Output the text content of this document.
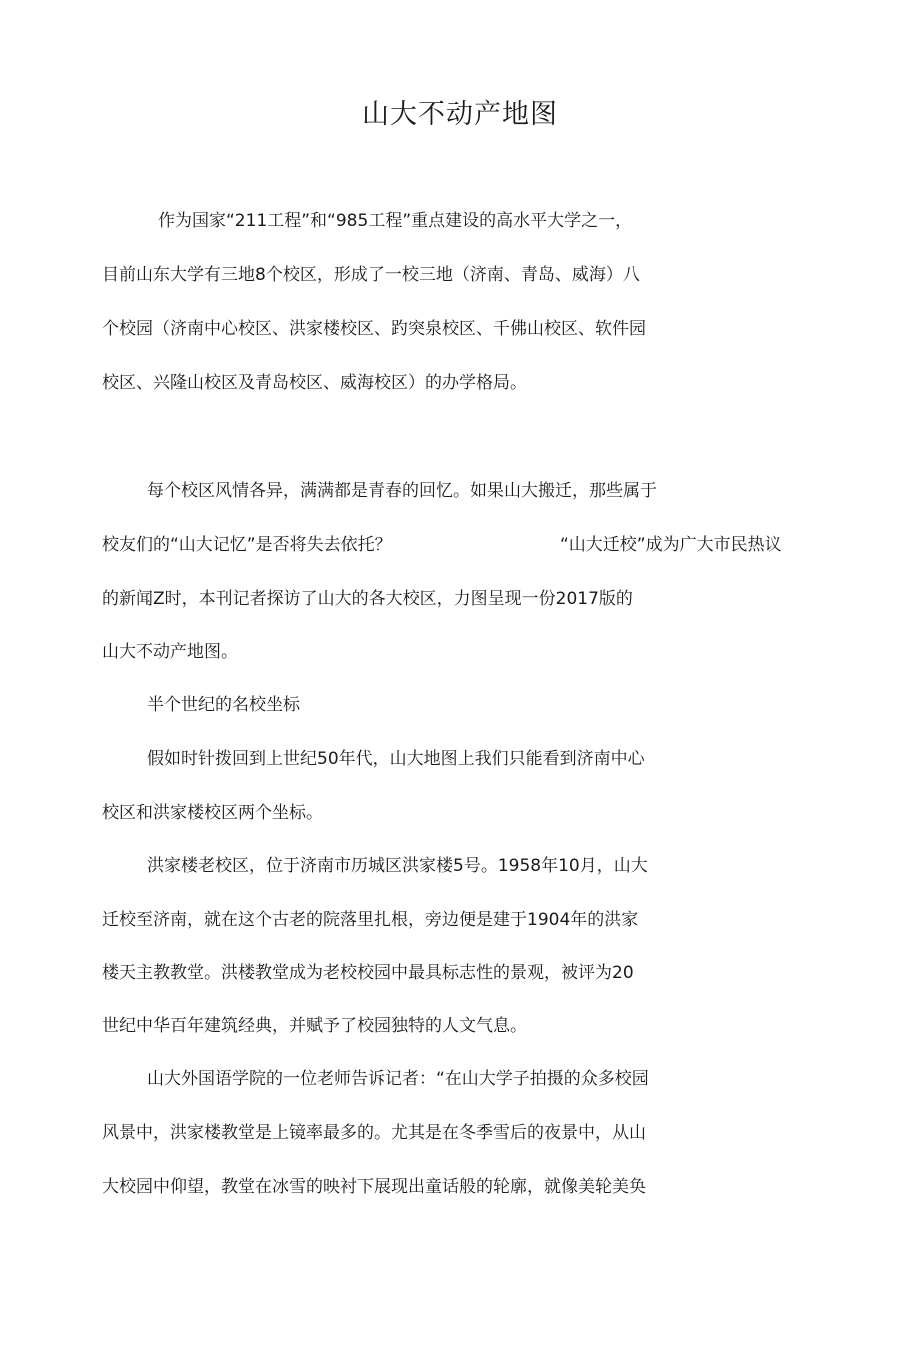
山大不动产地图

作为国家“211工程”和“985工程”重点建设的高水平大学之一，

目前山东大学有三地8个校区，形成了一校三地（济南、青岛、威海）八

个校园（济南中心校区、洪家楼校区、趵突泉校区、千佛山校区、软件园

校区、兴隆山校区及青岛校区、威海校区）的办学格局。

每个校区风情各异，满满都是青春的回忆。如果山大搬迁，那些属于

校友们的“山大记忆”是否将失去依托？	“山大迁校”成为广大市民热议

的新闻Z时，本刊记者探访了山大的各大校区，力图呈现一份2017版的

山大不动产地图。

半个世纪的名校坐标

假如时针拨回到上世纪50年代，山大地图上我们只能看到济南中心

校区和洪家楼校区两个坐标。

洪家楼老校区，位于济南市历城区洪家楼5号。1958年10月，山大

迁校至济南，就在这个古老的院落里扎根，旁边便是建于1904年的洪家

楼天主教教堂。洪楼教堂成为老校校园中最具标志性的景观，被评为20

世纪中华百年建筑经典，并赋予了校园独特的人文气息。

山大外国语学院的一位老师告诉记者：“在山大学子拍摄的众多校园

风景中，洪家楼教堂是上镜率最多的。尤其是在冬季雪后的夜景中，从山

大校园中仰望，教堂在冰雪的映衬下展现出童话般的轮廓，就像美轮美奂
